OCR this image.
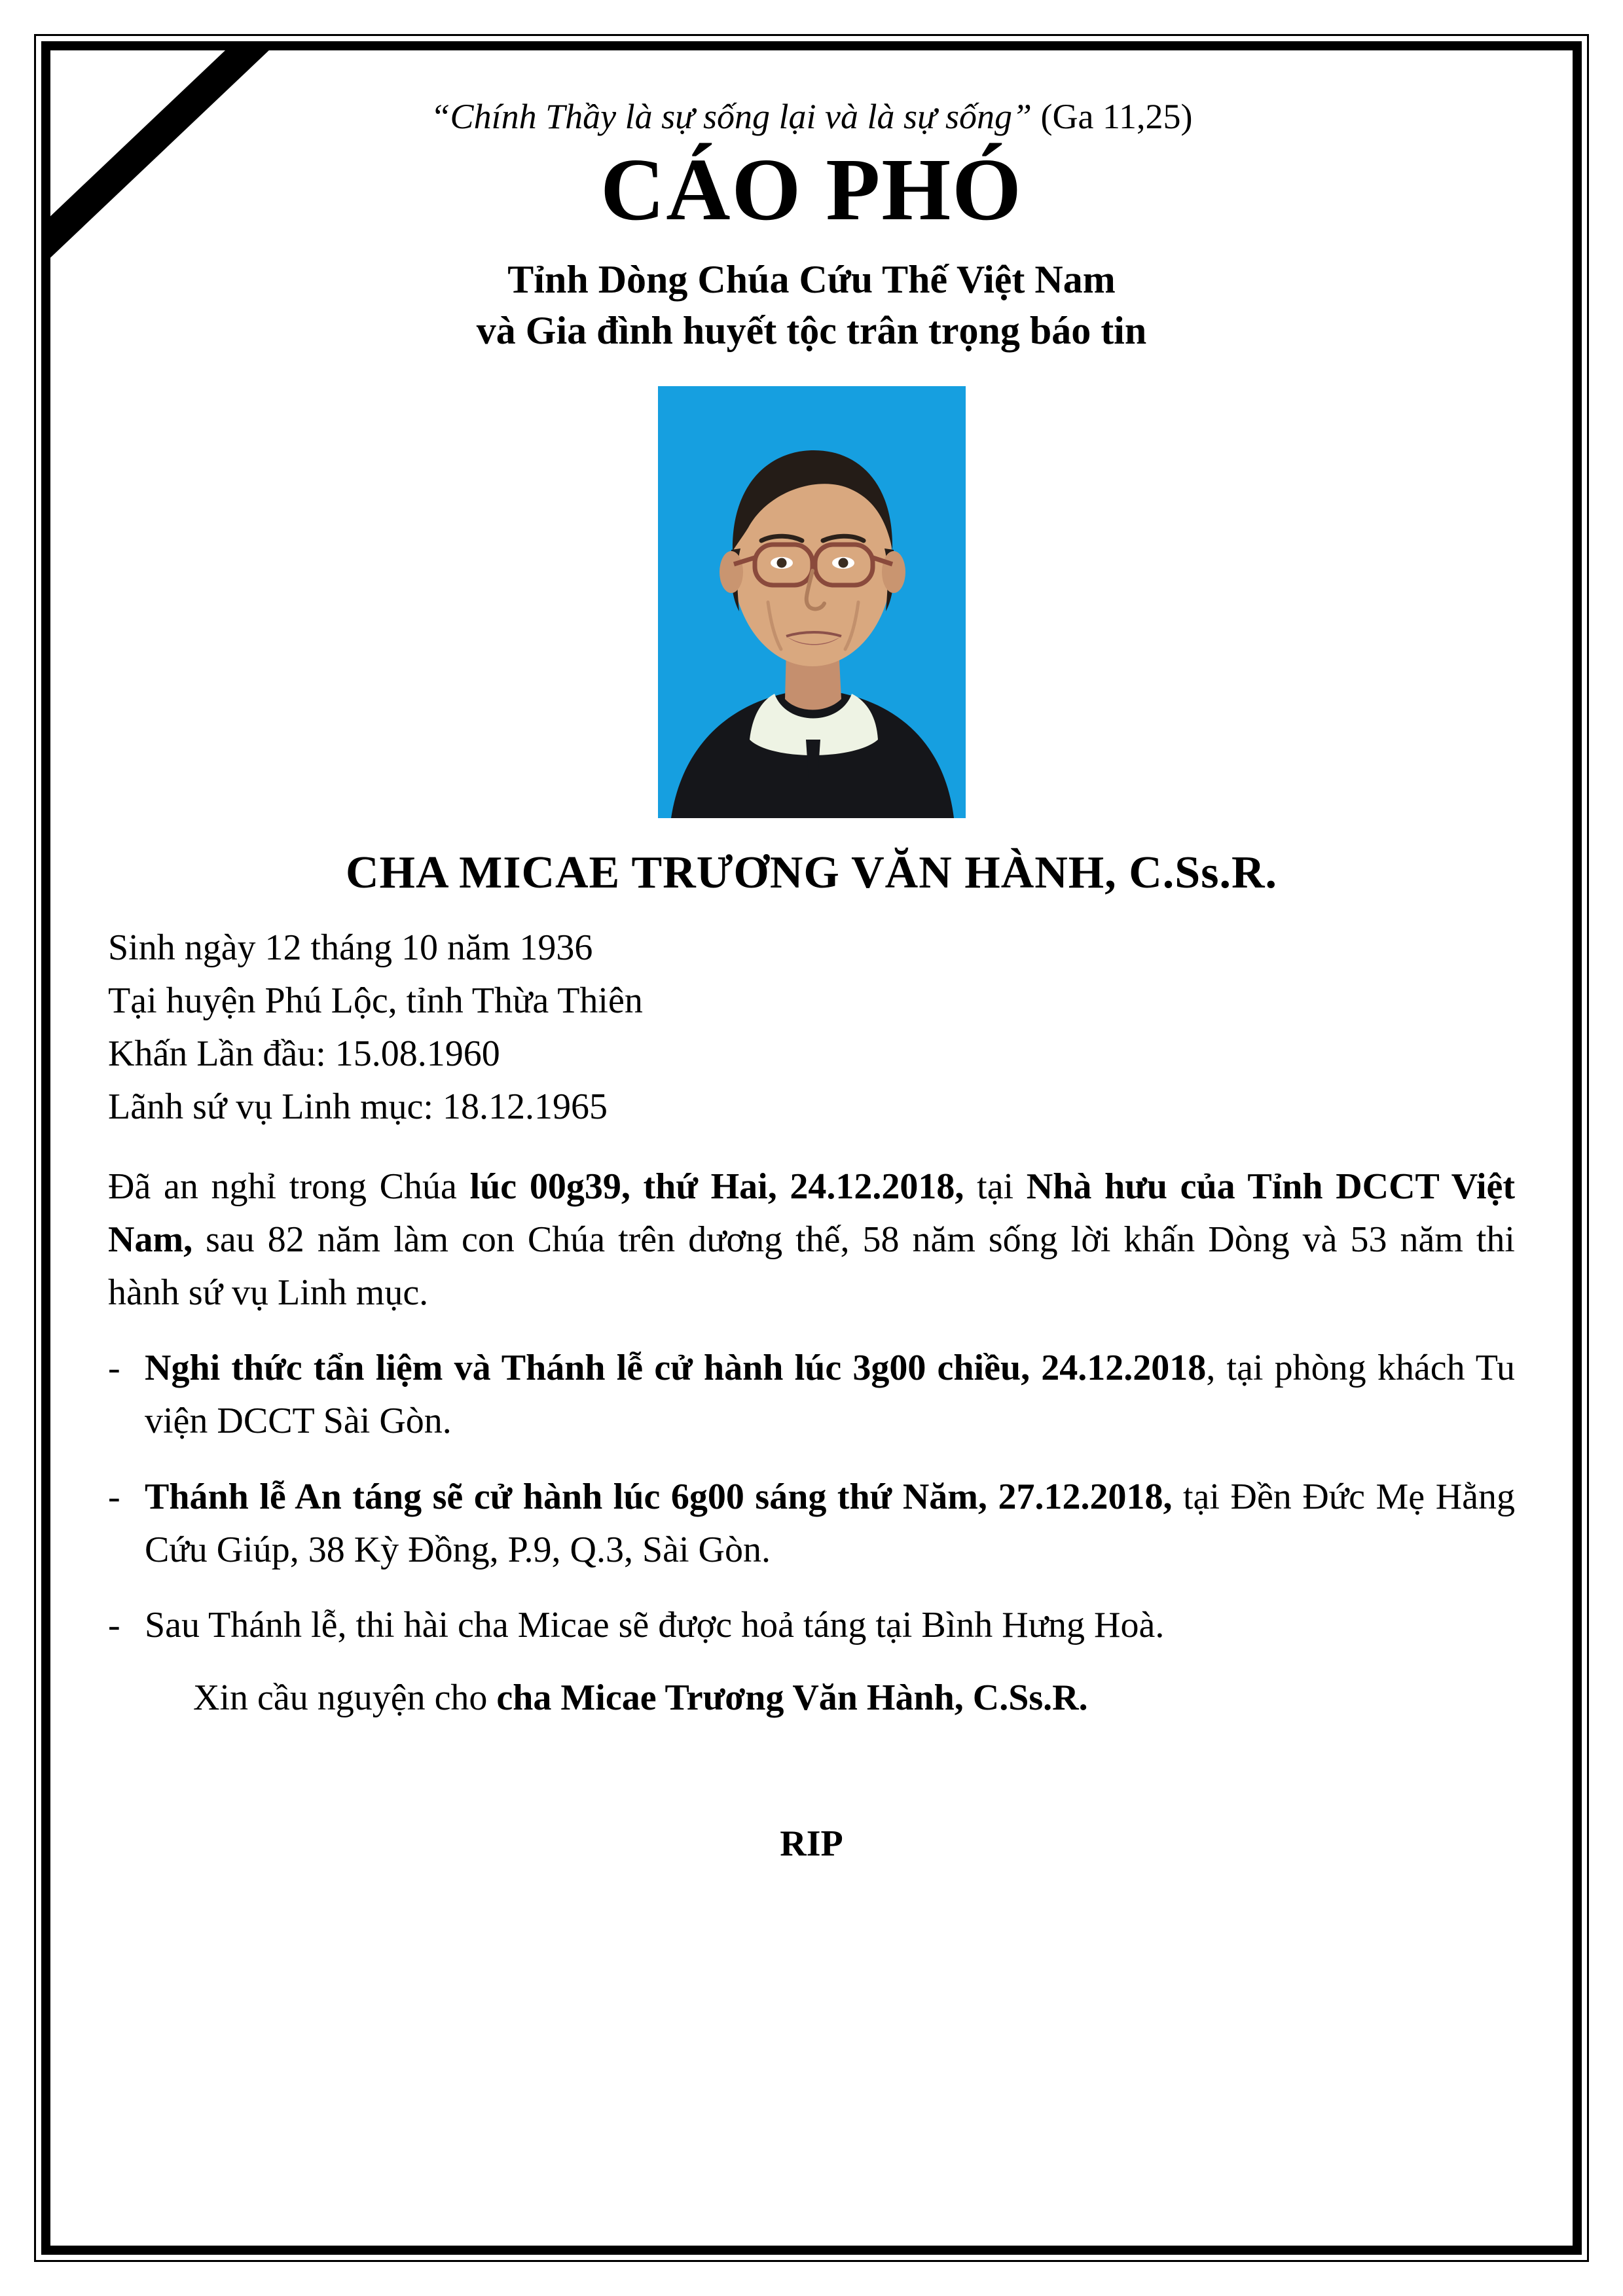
“Chính Thầy là sự sống lại và là sự sống” (Ga 11,25)
CÁO PHÓ
Tỉnh Dòng Chúa Cứu Thế Việt Nam
và Gia đình huyết tộc trân trọng báo tin
CHA MICAE TRƯƠNG VĂN HÀNH, C.Ss.R.
Sinh ngày 12 tháng 10 năm 1936
Tại huyện Phú Lộc, tỉnh Thừa Thiên
Khấn Lần đầu: 15.08.1960
Lãnh sứ vụ Linh mục: 18.12.1965
Đã an nghỉ trong Chúa lúc 00g39, thứ Hai, 24.12.2018, tại Nhà hưu của Tỉnh DCCT Việt Nam, sau 82 năm làm con Chúa trên dương thế, 58 năm sống lời khấn Dòng và 53 năm thi hành sứ vụ Linh mục.
- Nghi thức tẩn liệm và Thánh lễ cử hành lúc 3g00 chiều, 24.12.2018, tại phòng khách Tu viện DCCT Sài Gòn.
- Thánh lễ An táng sẽ cử hành lúc 6g00 sáng thứ Năm, 27.12.2018, tại Đền Đức Mẹ Hằng Cứu Giúp, 38 Kỳ Đồng, P.9, Q.3, Sài Gòn.
- Sau Thánh lễ, thi hài cha Micae sẽ được hoả táng tại Bình Hưng Hoà.
Xin cầu nguyện cho cha Micae Trương Văn Hành, C.Ss.R.
RIP
